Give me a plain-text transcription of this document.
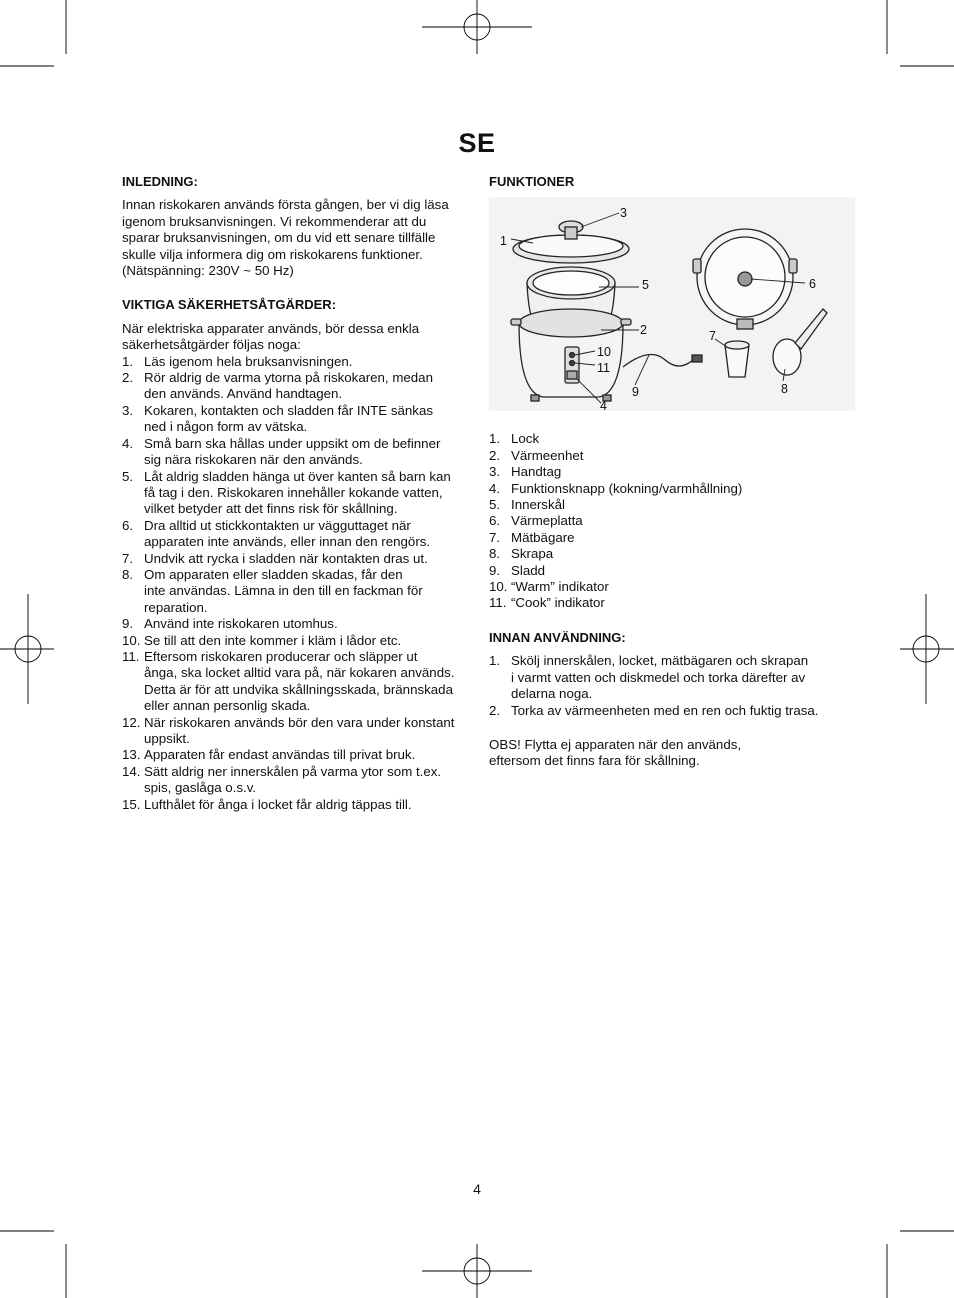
SE
INLEDNING:
Innan riskokaren används första gången, ber vi dig läsa
igenom bruksanvisningen. Vi rekommenderar att du
sparar bruksanvisningen, om du vid ett senare tillfälle
skulle vilja informera dig om riskokarens funktioner.
(Nätspänning: 230V ~ 50 Hz)
VIKTIGA SÄKERHETSÅTGÄRDER:
När elektriska apparater används, bör dessa enkla
säkerhetsåtgärder följas noga:
1. Läs igenom hela bruksanvisningen.
2. Rör aldrig de varma ytorna på riskokaren, medan
den används. Använd handtagen.
3. Kokaren, kontakten och sladden får INTE sänkas
ned i någon form av vätska.
4. Små barn ska hållas under uppsikt om de befinner
sig nära riskokaren när den används.
5. Låt aldrig sladden hänga ut över kanten så barn kan
få tag i den. Riskokaren innehåller kokande vatten,
vilket betyder att det finns risk för skållning.
6. Dra alltid ut stickkontakten ur vägguttaget när
apparaten inte används, eller innan den rengörs.
7. Undvik att rycka i sladden när kontakten dras ut.
8. Om apparaten eller sladden skadas, får den
inte användas. Lämna in den till en fackman för
reparation.
9. Använd inte riskokaren utomhus.
10. Se till att den inte kommer i kläm i lådor etc.
11. Eftersom riskokaren producerar och släpper ut
ånga, ska locket alltid vara på, när kokaren används.
Detta är för att undvika skållningsskada, brännskada
eller annan personlig skada.
12. När riskokaren används bör den vara under konstant
uppsikt.
13. Apparaten får endast användas till privat bruk.
14. Sätt aldrig ner innerskålen på varma ytor som t.ex.
spis, gaslåga o.s.v.
15. Lufthålet för ånga i locket får aldrig täppas till.
FUNKTIONER
1
2
3
4
5	6
7
8
9
10
11
1. Lock
2. Värmeenhet
3. Handtag
4. Funktionsknapp (kokning/varmhållning)
5. Innerskål
6. Värmeplatta
7. Mätbägare
8. Skrapa
9. Sladd
10. “Warm” indikator
11. “Cook” indikator
INNAN ANVÄNDNING:
1. Skölj innerskålen, locket, mätbägaren och skrapan
i varmt vatten och diskmedel och torka därefter av
delarna noga.
2. Torka av värmeenheten med en ren och fuktig trasa.
OBS! Flytta ej apparaten när den används,
eftersom det finns fara för skållning.
4
